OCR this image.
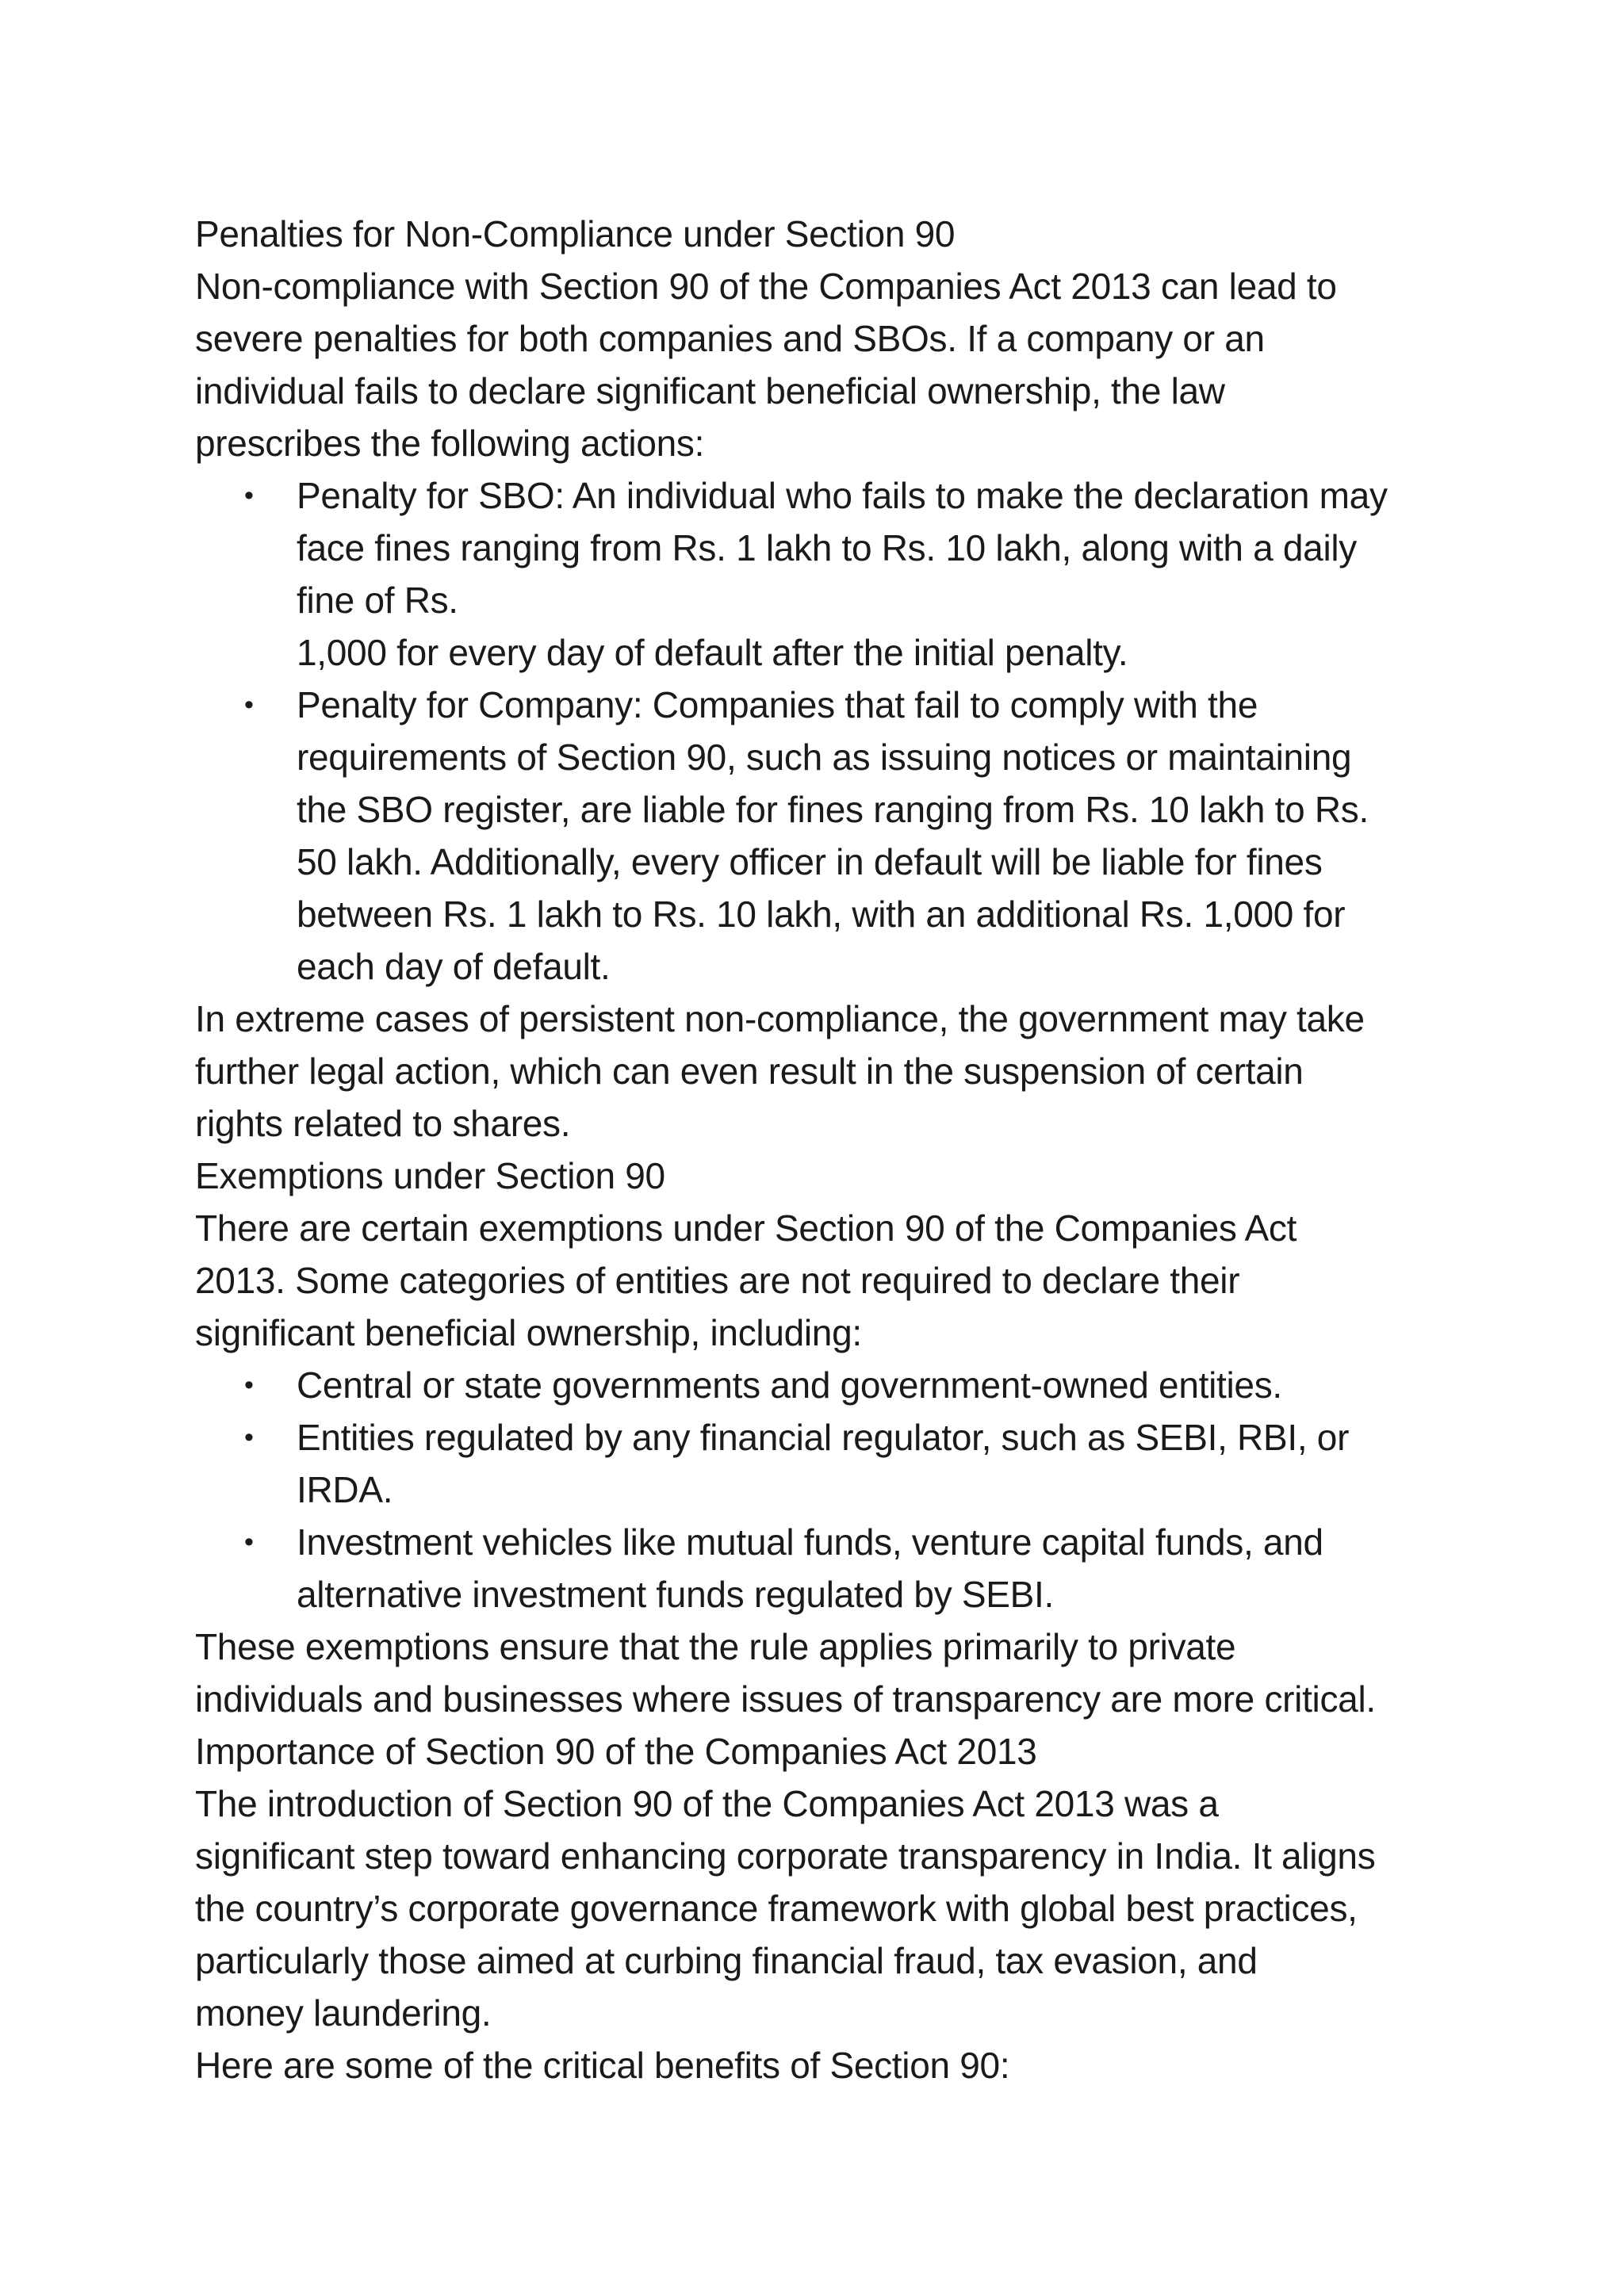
Penalties for Non-Compliance under Section 90

Non-compliance with Section 90 of the Companies Act 2013 can lead to

severe penalties for both companies and SBOs. If a company or an

individual fails to declare significant beneficial ownership, the law

prescribes the following actions:

• Penalty for SBO: An individual who fails to make the declaration may
face fines ranging from Rs. 1 lakh to Rs. 10 lakh, along with a daily
fine of Rs.
1,000 for every day of default after the initial penalty.
• Penalty for Company: Companies that fail to comply with the
requirements of Section 90, such as issuing notices or maintaining
the SBO register, are liable for fines ranging from Rs. 10 lakh to Rs.
50 lakh. Additionally, every officer in default will be liable for fines
between Rs. 1 lakh to Rs. 10 lakh, with an additional Rs. 1,000 for
each day of default.

In extreme cases of persistent non-compliance, the government may take

further legal action, which can even result in the suspension of certain

rights related to shares.

Exemptions under Section 90

There are certain exemptions under Section 90 of the Companies Act

2013. Some categories of entities are not required to declare their

significant beneficial ownership, including:

• Central or state governments and government-owned entities.
• Entities regulated by any financial regulator, such as SEBI, RBI, or
IRDA.
• Investment vehicles like mutual funds, venture capital funds, and
alternative investment funds regulated by SEBI.

These exemptions ensure that the rule applies primarily to private

individuals and businesses where issues of transparency are more critical.

Importance of Section 90 of the Companies Act 2013

The introduction of Section 90 of the Companies Act 2013 was a

significant step toward enhancing corporate transparency in India. It aligns

the country’s corporate governance framework with global best practices,

particularly those aimed at curbing financial fraud, tax evasion, and

money laundering.

Here are some of the critical benefits of Section 90:
